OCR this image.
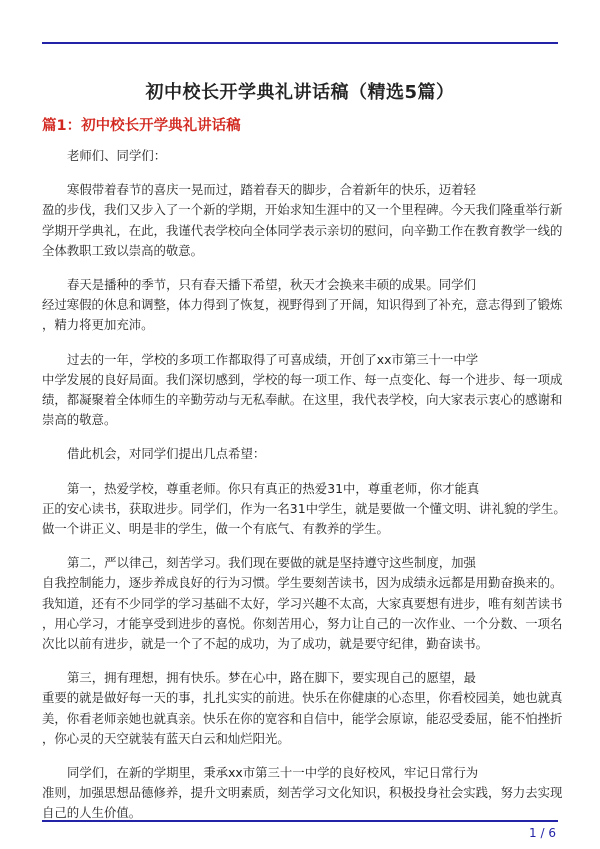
初中校长开学典礼讲话稿（精选5篇）
篇1：初中校长开学典礼讲话稿
老师们、同学们：
寒假带着春节的喜庆一晃而过，踏着春天的脚步，合着新年的快乐，迈着轻
盈的步伐，我们又步入了一个新的学期，开始求知生涯中的又一个里程碑。今天我们隆重举行新
学期开学典礼，在此，我谨代表学校向全体同学表示亲切的慰问，向辛勤工作在教育教学一线的
全体教职工致以崇高的敬意。
春天是播种的季节，只有春天播下希望，秋天才会换来丰硕的成果。同学们
经过寒假的休息和调整，体力得到了恢复，视野得到了开阔，知识得到了补充，意志得到了锻炼
，精力将更加充沛。
过去的一年，学校的多项工作都取得了可喜成绩，开创了xx市第三十一中学
中学发展的良好局面。我们深切感到，学校的每一项工作、每一点变化、每一个进步、每一项成
绩，都凝聚着全体师生的辛勤劳动与无私奉献。在这里，我代表学校，向大家表示衷心的感谢和
崇高的敬意。
借此机会，对同学们提出几点希望：
第一，热爱学校，尊重老师。你只有真正的热爱31中，尊重老师，你才能真
正的安心读书，获取进步。同学们，作为一名31中学生，就是要做一个懂文明、讲礼貌的学生。
做一个讲正义、明是非的学生，做一个有底气、有教养的学生。
第二，严以律己，刻苦学习。我们现在要做的就是坚持遵守这些制度，加强
自我控制能力，逐步养成良好的行为习惯。学生要刻苦读书，因为成绩永远都是用勤奋换来的。
我知道，还有不少同学的学习基础不太好，学习兴趣不太高，大家真要想有进步，唯有刻苦读书
，用心学习，才能享受到进步的喜悦。你刻苦用心，努力让自己的一次作业、一个分数、一项名
次比以前有进步，就是一个了不起的成功，为了成功，就是要守纪律，勤奋读书。
第三，拥有理想，拥有快乐。梦在心中，路在脚下，要实现自己的愿望，最
重要的就是做好每一天的事，扎扎实实的前进。快乐在你健康的心态里，你看校园美，她也就真
美，你看老师亲她也就真亲。快乐在你的宽容和自信中，能学会原谅，能忍受委屈，能不怕挫折
，你心灵的天空就装有蓝天白云和灿烂阳光。
同学们，在新的学期里，秉承xx市第三十一中学的良好校风，牢记日常行为
准则，加强思想品德修养，提升文明素质，刻苦学习文化知识，积极投身社会实践，努力去实现
自己的人生价值。
1 / 6
